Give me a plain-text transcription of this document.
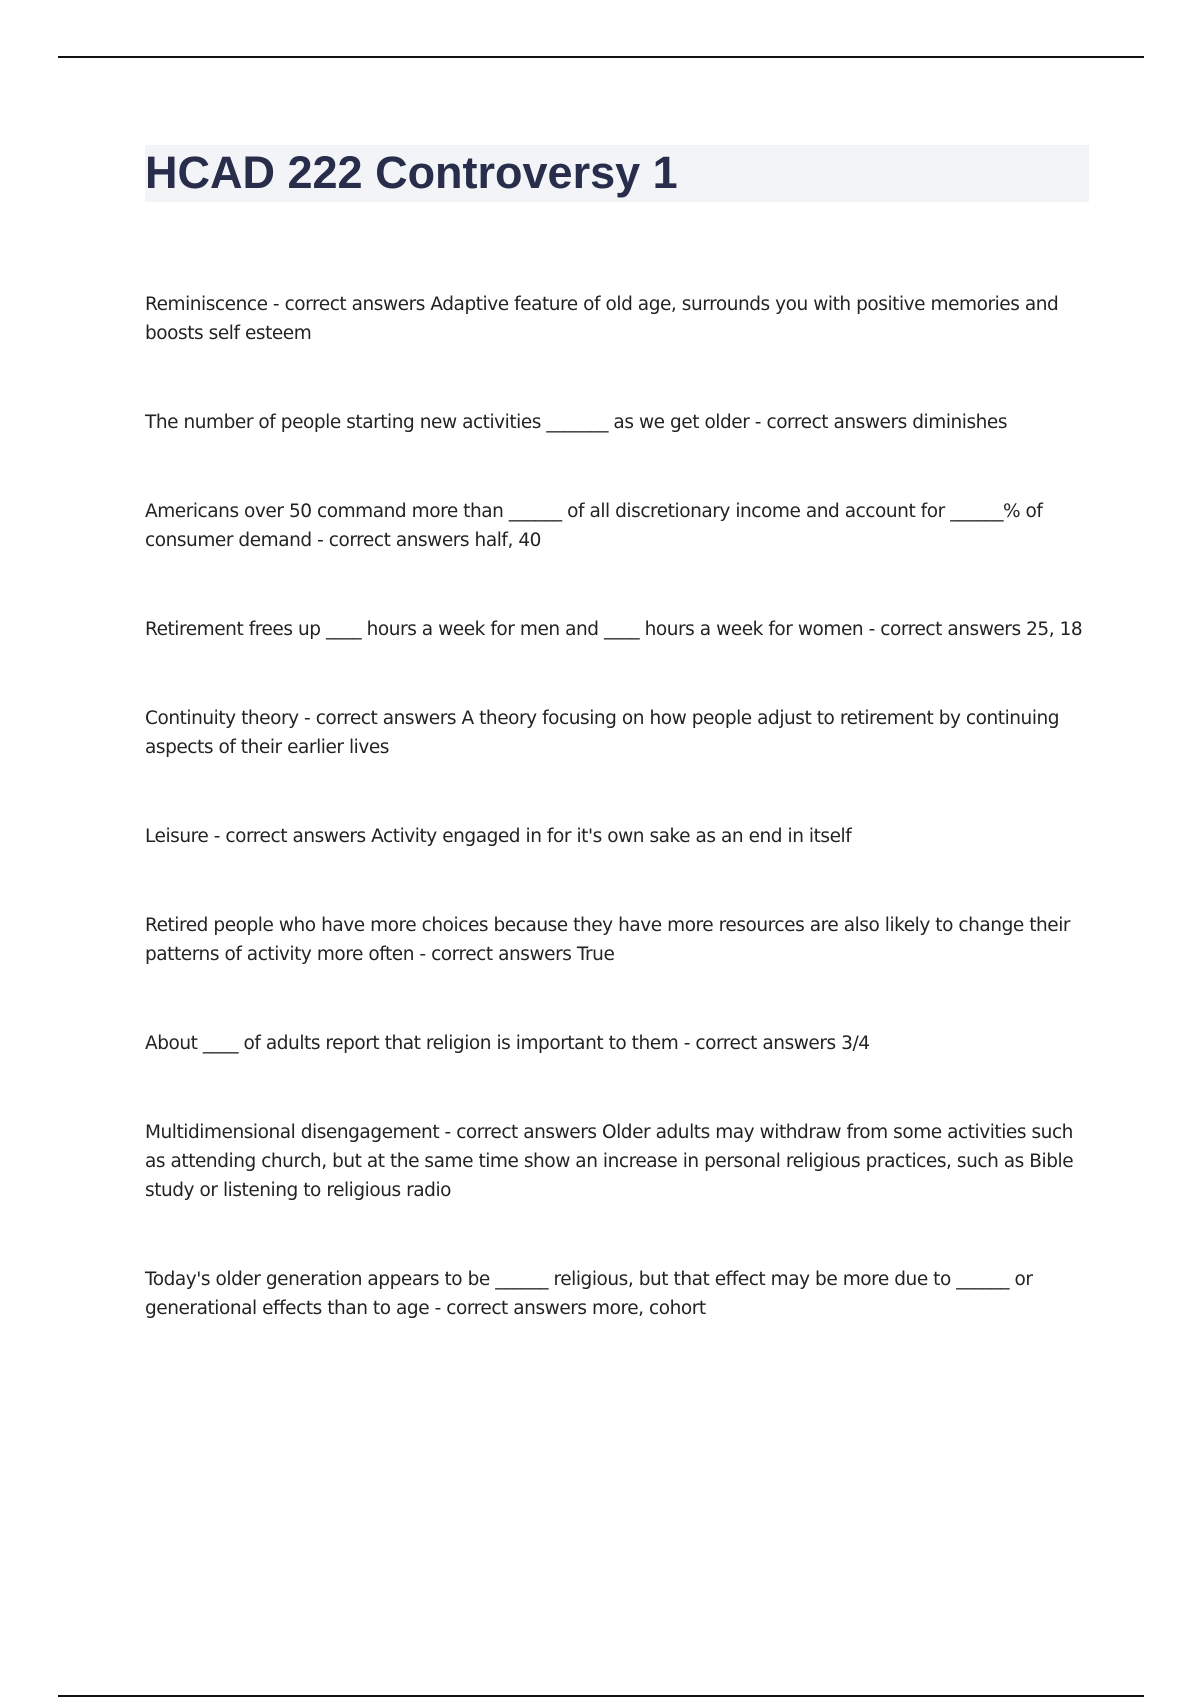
HCAD 222 Controversy 1
Reminiscence - correct answers Adaptive feature of old age, surrounds you with positive memories and boosts self esteem
The number of people starting new activities _______ as we get older - correct answers diminishes
Americans over 50 command more than ______ of all discretionary income and account for ______% of consumer demand - correct answers half, 40
Retirement frees up ____ hours a week for men and ____ hours a week for women - correct answers 25, 18
Continuity theory - correct answers A theory focusing on how people adjust to retirement by continuing aspects of their earlier lives
Leisure - correct answers Activity engaged in for it's own sake as an end in itself
Retired people who have more choices because they have more resources are also likely to change their patterns of activity more often - correct answers True
About ____ of adults report that religion is important to them - correct answers 3/4
Multidimensional disengagement - correct answers Older adults may withdraw from some activities such as attending church, but at the same time show an increase in personal religious practices, such as Bible study or listening to religious radio
Today's older generation appears to be ______ religious, but that effect may be more due to ______ or generational effects than to age - correct answers more, cohort
